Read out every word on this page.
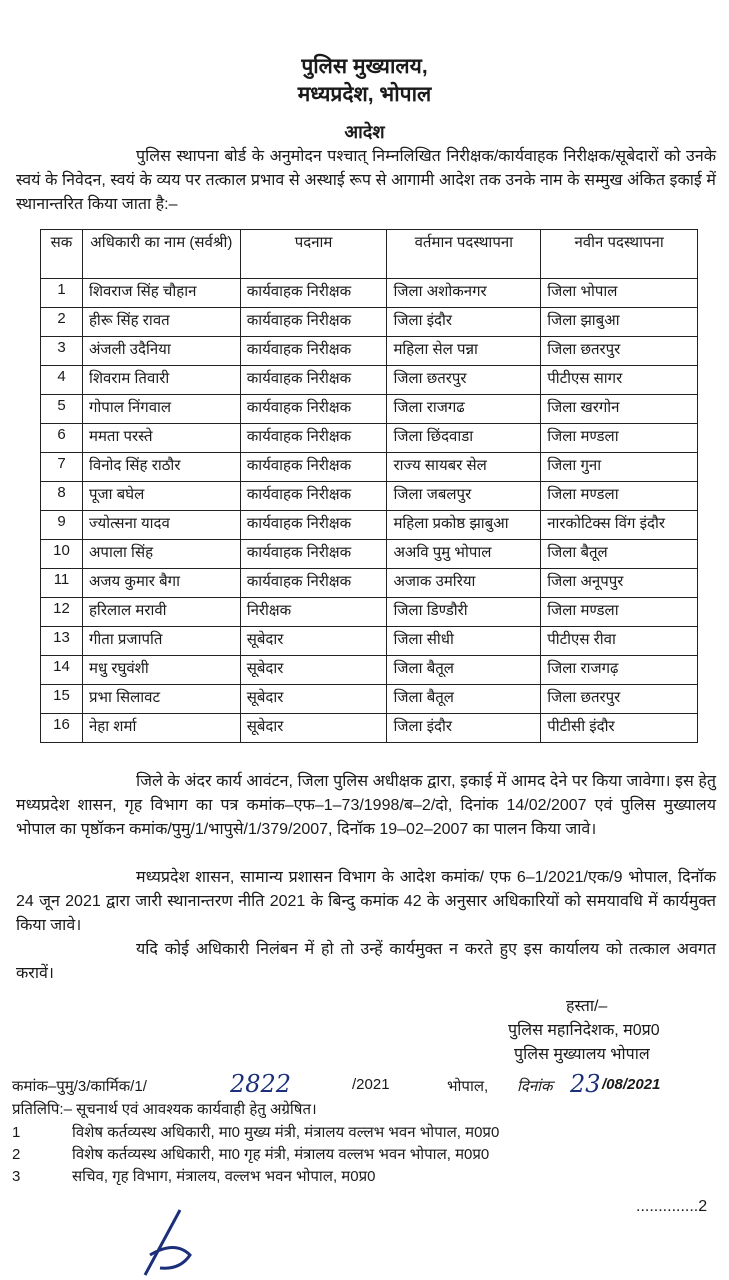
पुलिस मुख्यालय,
मध्यप्रदेश, भोपाल
आदेश
पुलिस स्थापना बोर्ड के अनुमोदन पश्चात् निम्नलिखित निरीक्षक/कार्यवाहक निरीक्षक/सूबेदारों को उनके स्वयं के निवेदन, स्वयं के व्यय पर तत्काल प्रभाव से अस्थाई रूप से आगामी आदेश तक उनके नाम के सम्मुख अंकित इकाई में स्थानान्तरित किया जाता है:–
सक	अधिकारी का नाम (सर्वश्री)	पदनाम	वर्तमान पदस्थापना	नवीन पदस्थापना
1	शिवराज सिंह चौहान	कार्यवाहक निरीक्षक	जिला अशोकनगर	जिला भोपाल
2	हीरू सिंह रावत	कार्यवाहक निरीक्षक	जिला इंदौर	जिला झाबुआ
3	अंजली उदैनिया	कार्यवाहक निरीक्षक	महिला सेल पन्ना	जिला छतरपुर
4	शिवराम तिवारी	कार्यवाहक निरीक्षक	जिला छतरपुर	पीटीएस सागर
5	गोपाल निंगवाल	कार्यवाहक निरीक्षक	जिला राजगढ	जिला खरगोन
6	ममता परस्ते	कार्यवाहक निरीक्षक	जिला छिंदवाडा	जिला मण्डला
7	विनोद सिंह राठौर	कार्यवाहक निरीक्षक	राज्य सायबर सेल	जिला गुना
8	पूजा बघेल	कार्यवाहक निरीक्षक	जिला जबलपुर	जिला मण्डला
9	ज्योत्सना यादव	कार्यवाहक निरीक्षक	महिला प्रकोष्ठ झाबुआ	नारकोटिक्स विंग इंदौर
10	अपाला सिंह	कार्यवाहक निरीक्षक	अअवि पुमु भोपाल	जिला बैतूल
11	अजय कुमार बैगा	कार्यवाहक निरीक्षक	अजाक उमरिया	जिला अनूपपुर
12	हरिलाल मरावी	निरीक्षक	जिला डिण्डौरी	जिला मण्डला
13	गीता प्रजापति	सूबेदार	जिला सीधी	पीटीएस रीवा
14	मधु रघुवंशी	सूबेदार	जिला बैतूल	जिला राजगढ़
15	प्रभा सिलावट	सूबेदार	जिला बैतूल	जिला छतरपुर
16	नेहा शर्मा	सूबेदार	जिला इंदौर	पीटीसी इंदौर
जिले के अंदर कार्य आवंटन, जिला पुलिस अधीक्षक द्वारा, इकाई में आमद देने पर किया जावेगा। इस हेतु मध्यप्रदेश शासन, गृह विभाग का पत्र कमांक–एफ–1–73/1998/ब–2/दो, दिनांक 14/02/2007 एवं पुलिस मुख्यालय भोपाल का पृष्ठॉकन कमांक/पुमु/1/भापुसे/1/379/2007, दिनॉक 19–02–2007 का पालन किया जावे।
मध्यप्रदेश शासन, सामान्य प्रशासन विभाग के आदेश कमांक/ एफ 6–1/2021/एक/9 भोपाल, दिनॉक 24 जून 2021 द्वारा जारी स्थानान्तरण नीति 2021 के बिन्दु कमांक 42 के अनुसार अधिकारियों को समयावधि में कार्यमुक्त किया जावे।
यदि कोई अधिकारी निलंबन में हो तो उन्हें कार्यमुक्त न करते हुए इस कार्यालय को तत्काल अवगत करावें।
हस्ता/–
पुलिस महानिदेशक, म0प्र0
पुलिस मुख्यालय भोपाल
कमांक–पुमु/3/कार्मिक/1/	2822	/2021	भोपाल, दिनांक 23 /08/2021
प्रतिलिपि:– सूचनार्थ एवं आवश्यक कार्यवाही हेतु अग्रेषित।
1	विशेष कर्तव्यस्थ अधिकारी, मा0 मुख्य मंत्री, मंत्रालय वल्लभ भवन भोपाल, म0प्र0
2	विशेष कर्तव्यस्थ अधिकारी, मा0 गृह मंत्री, मंत्रालय वल्लभ भवन भोपाल, म0प्र0
3	सचिव, गृह विभाग, मंत्रालय, वल्लभ भवन भोपाल, म0प्र0
..............2
